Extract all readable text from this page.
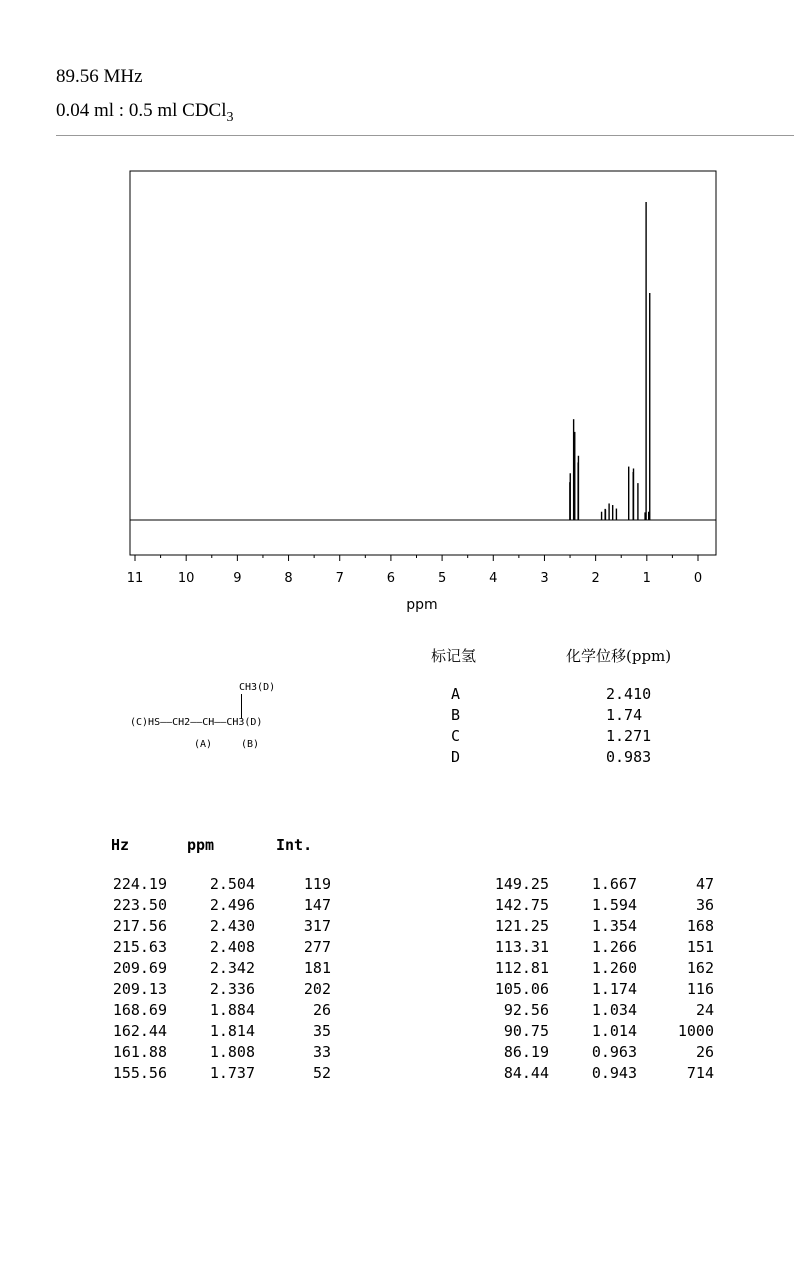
89.56 MHz
0.04 ml : 0.5 ml CDCl$_3$
11	10	9	8	7	6	5	4	3	2	1	0
ppm
标记氢	化学位移(ppm)
A	2.410
B	1.74
C	1.271
D	0.983
CH3(D)
(C)HS——CH2——CH——CH3(D)
(A)	(B)
Hz	ppm	Int.
224.19	2.504	119
223.50	2.496	147
217.56	2.430	317
215.63	2.408	277
209.69	2.342	181
209.13	2.336	202
168.69	1.884	26
162.44	1.814	35
161.88	1.808	33
155.56	1.737	52
149.25	1.667	47
142.75	1.594	36
121.25	1.354	168
113.31	1.266	151
112.81	1.260	162
105.06	1.174	116
92.56	1.034	24
90.75	1.014	1000
86.19	0.963	26
84.44	0.943	714
